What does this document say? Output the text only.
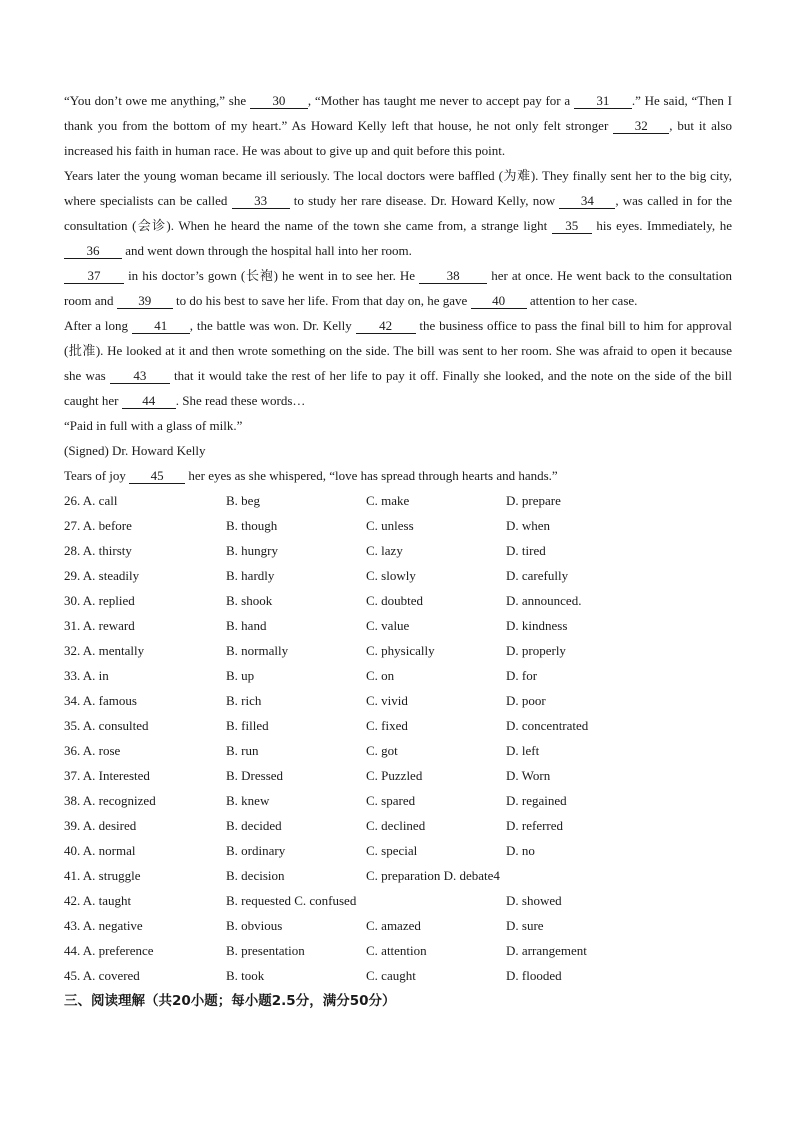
“You don’t owe me anything,” she 30 , “Mother has taught me never to accept pay for a 31 .” He said, “Then I thank you from the bottom of my heart.” As Howard Kelly left that house, he not only felt stronger 32 , but it also increased his faith in human race. He was about to give up and quit before this point.

Years later the young woman became ill seriously. The local doctors were baffled (为难). They finally sent her to the big city, where specialists can be called 33 to study her rare disease. Dr. Howard Kelly, now 34 , was called in for the consultation (会诊). When he heard the name of the town she came from, a strange light 35 his eyes. Immediately, he 36 and went down through the hospital hall into her room.

37 in his doctor’s gown (长袍) he went in to see her. He 38 her at once. He went back to the consultation room and 39 to do his best to save her life. From that day on, he gave 40 attention to her case.

After a long 41 , the battle was won. Dr. Kelly 42 the business office to pass the final bill to him for approval (批准). He looked at it and then wrote something on the side. The bill was sent to her room. She was afraid to open it because she was 43 that it would take the rest of her life to pay it off. Finally she looked, and the note on the side of the bill caught her 44 . She read these words…

“Paid in full with a glass of milk.”

(Signed) Dr. Howard Kelly

Tears of joy 45 her eyes as she whispered, “love has spread through hearts and hands.”

26. A. call	B. beg	C. make	D. prepare
27. A. before	B. though	C. unless	D. when
28. A. thirsty	B. hungry	C. lazy	D. tired
29. A. steadily	B. hardly	C. slowly	D. carefully
30. A. replied	B. shook	C. doubted	D. announced.
31. A. reward	B. hand	C. value	D. kindness
32. A. mentally	B. normally	C. physically	D. properly
33. A. in	B. up	C. on	D. for
34. A. famous	B. rich	C. vivid	D. poor
35. A. consulted	B. filled	C. fixed	D. concentrated
36. A. rose	B. run	C. got	D. left
37. A. Interested	B. Dressed	C. Puzzled	D. Worn
38. A. recognized	B. knew	C. spared	D. regained
39. A. desired	B. decided	C. declined	D. referred
40. A. normal	B. ordinary	C. special	D. no
41. A. struggle	B. decision	C. preparation D. debate4
42. A. taught	B. requested C. confused	D. showed
43. A. negative	B. obvious	C. amazed	D. sure
44. A. preference	B. presentation	C. attention	D. arrangement
45. A. covered	B. took	C. caught	D. flooded
三、阅读理解（共20小题；每小题2.5分，满分50分）
